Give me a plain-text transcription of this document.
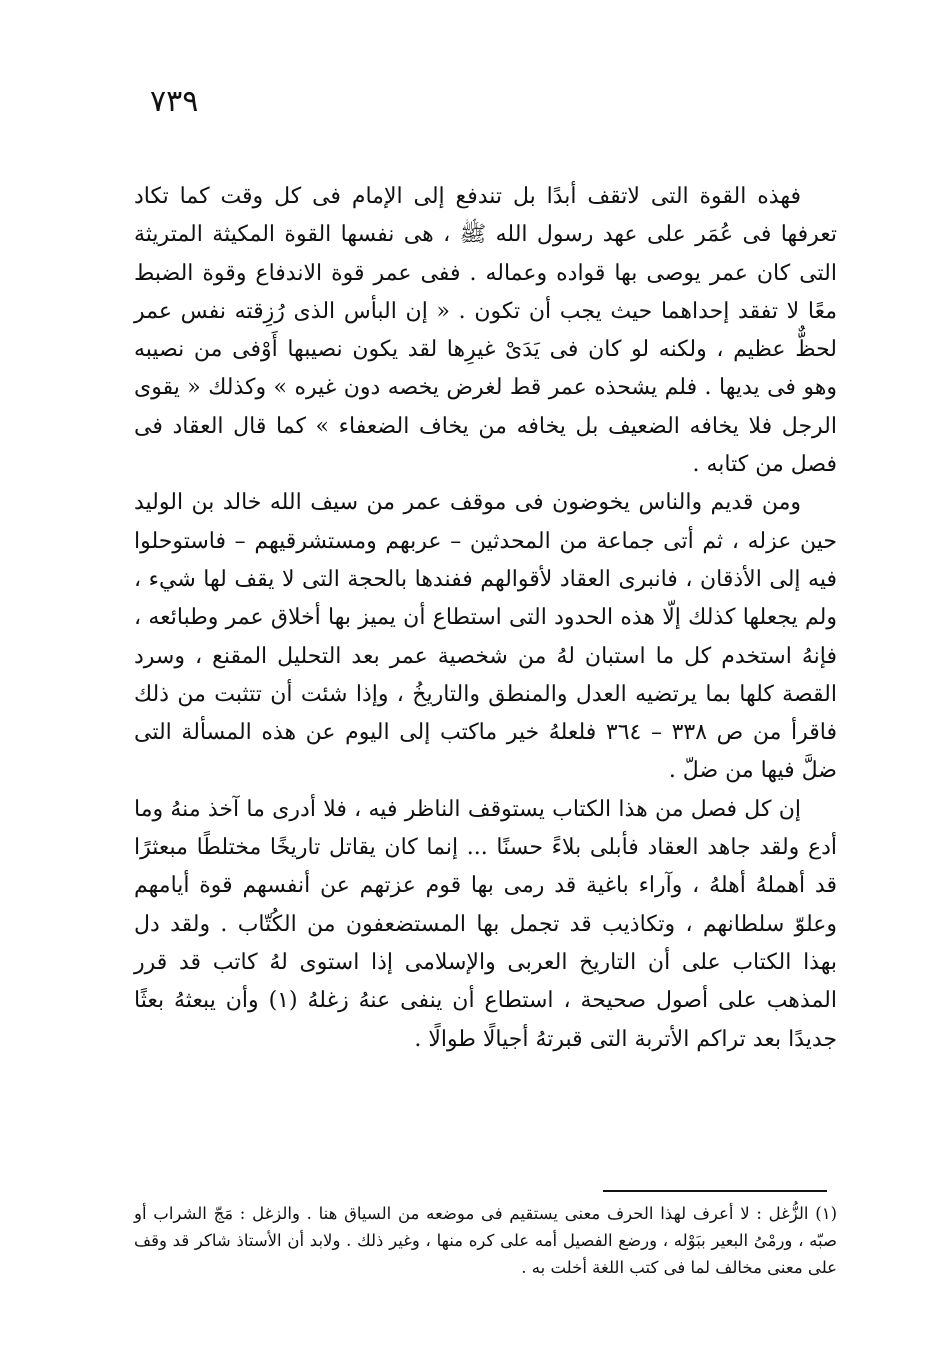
٧٣٩

فهذه القوة التى لاتقف أبدًا بل تندفع إلى الإمام فى كل وقت كما تكاد تعرفها فى عُمَر على عهد رسول الله ﷺ ، هى نفسها القوة المكيثة المتريثة التى كان عمر يوصى بها قواده وعماله . ففى عمر قوة الاندفاع وقوة الضبط معًا لا تفقد إحداهما حيث يجب أن تكون . « إن البأس الذى رُزِقته نفس عمر لحظٌّ عظيم ، ولكنه لو كان فى يَدَىْ غيرِها لقد يكون نصيبها أَوْفى من نصيبه وهو فى يديها . فلم يشحذه عمر قط لغرض يخصه دون غيره » وكذلك « يقوى الرجل فلا يخافه الضعيف بل يخافه من يخاف الضعفاء » كما قال العقاد فى فصل من كتابه .

ومن قديم والناس يخوضون فى موقف عمر من سيف الله خالد بن الوليد حين عزله ، ثم أتى جماعة من المحدثين – عربهم ومستشرقيهم – فاستوحلوا فيه إلى الأذقان ، فانبرى العقاد لأقوالهم ففندها بالحجة التى لا يقف لها شيء ، ولم يجعلها كذلك إلّا هذه الحدود التى استطاع أن يميز بها أخلاق عمر وطبائعه ، فإنهُ استخدم كل ما استبان لهُ من شخصية عمر بعد التحليل المقنع ، وسرد القصة كلها بما يرتضيه العدل والمنطق والتاريخُ ، وإذا شئت أن تتثبت من ذلك فاقرأ من ص ٣٣٨ – ٣٦٤ فلعلهُ خير ماكتب إلى اليوم عن هذه المسألة التى ضلَّ فيها من ضلّ .

إن كل فصل من هذا الكتاب يستوقف الناظر فيه ، فلا أدرى ما آخذ منهُ وما أدع ولقد جاهد العقاد فأبلى بلاءً حسنًا ... إنما كان يقاتل تاريخًا مختلطًا مبعثرًا قد أهملهُ أهلهُ ، وآراء باغية قد رمى بها قوم عزتهم عن أنفسهم قوة أيامهم وعلوّ سلطانهم ، وتكاذيب قد تجمل بها المستضعفون من الكُتّاب . ولقد دل بهذا الكتاب على أن التاريخ العربى والإسلامى إذا استوى لهُ كاتب قد قرر المذهب على أصول صحيحة ، استطاع أن ينفى عنهُ زغلهُ (١) وأن يبعثهُ بعثًا جديدًا بعد تراكم الأتربة التى قبرتهُ أجيالًا طوالًا .

(١) الزُّغل : لا أعرف لهذا الحرف معنى يستقيم فى موضعه من السياق هنا . والزغل : مَجّ الشراب أو صبّه ، ورمْىُ البعير ببَوْله ، ورضع الفصيل أمه على كره منها ، وغير ذلك . ولابد أن الأستاذ شاكر قد وقف على معنى مخالف لما فى كتب اللغة أخلت به .
